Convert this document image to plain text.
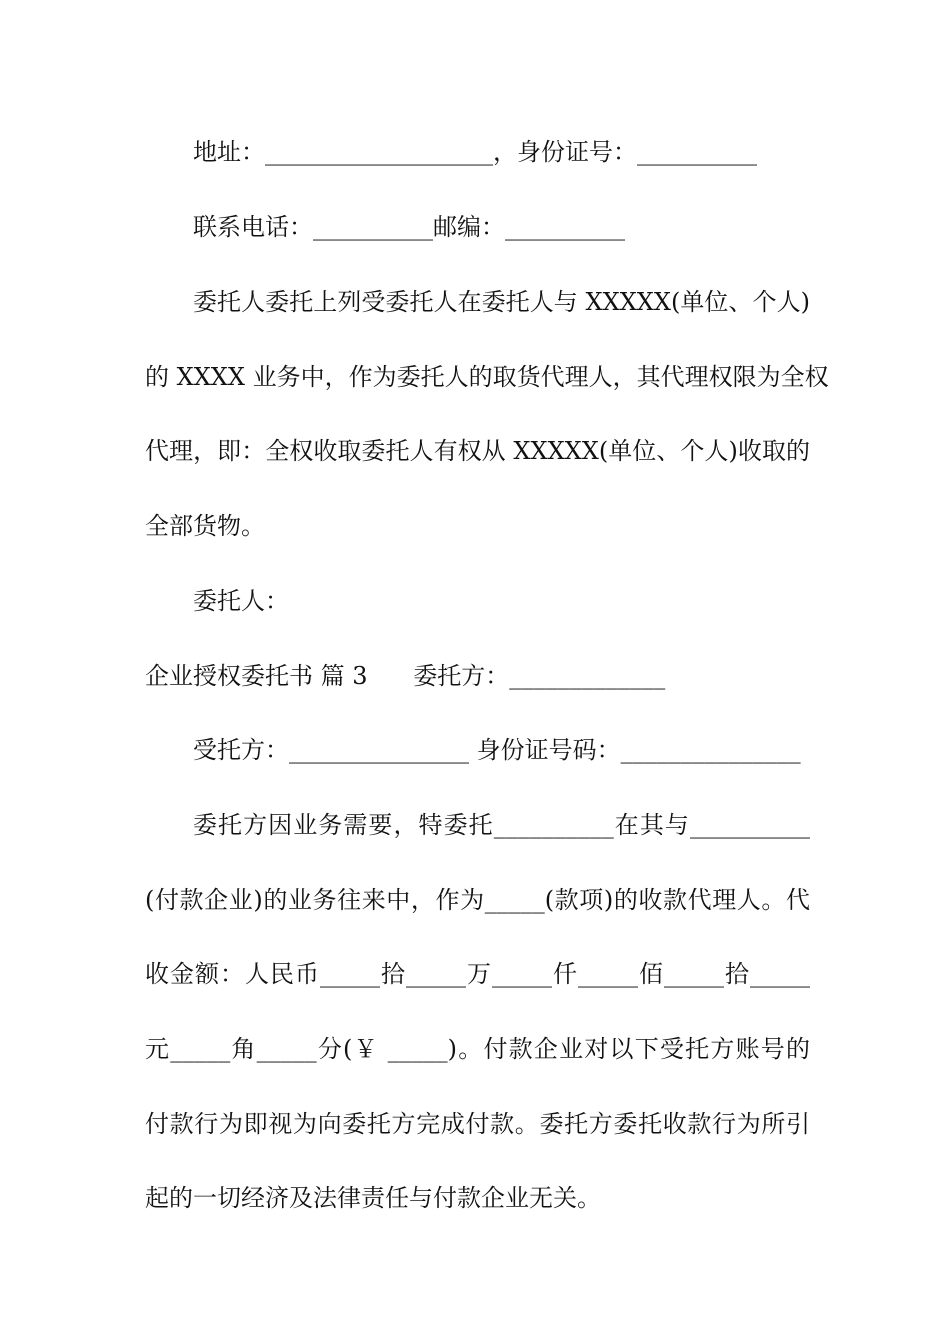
地址：___________________，身份证号：__________
联系电话：__________邮编：__________
委托人委托上列受委托人在委托人与 XXXXX(单位、个人)
的 XXXX 业务中，作为委托人的取货代理人，其代理权限为全权
代理，即：全权收取委托人有权从 XXXXX(单位、个人)收取的
全部货物。
委托人：
企业授权委托书 篇 3      委托方：_____________
受托方：_______________ 身份证号码：_______________
委托方因业务需要，特委托__________在其与__________
(付款企业)的业务往来中，作为_____(款项)的收款代理人。代
收金额：人民币_____拾_____万_____仟_____佰_____拾_____
元_____角_____分(￥ _____)。付款企业对以下受托方账号的
付款行为即视为向委托方完成付款。委托方委托收款行为所引
起的一切经济及法律责任与付款企业无关。
